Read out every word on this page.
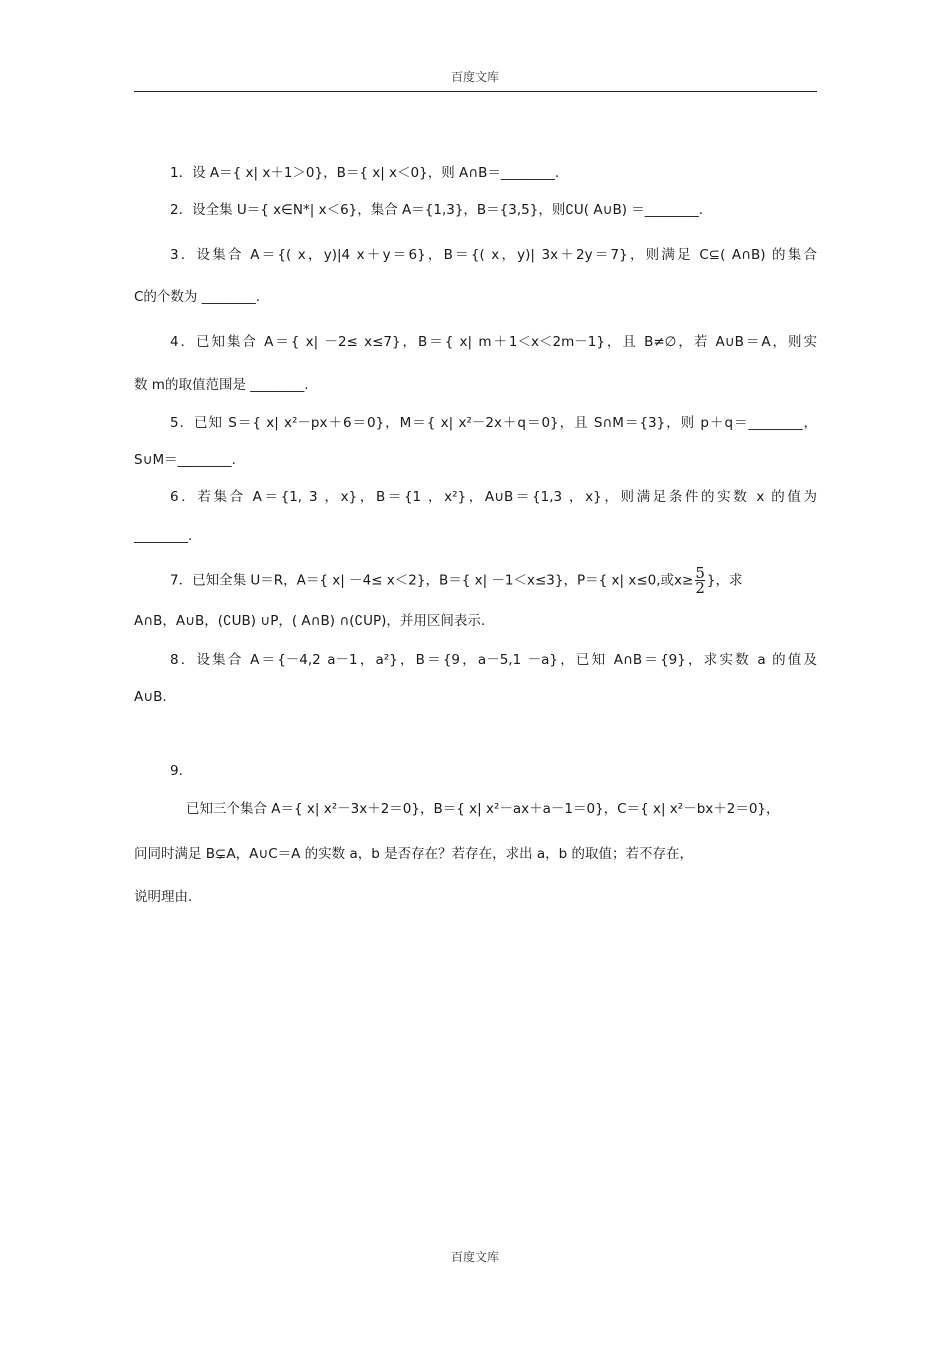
百度文库
1．设 A＝{ x| x＋1＞0}，B＝{ x| x＜0}，则 A∩B＝________.
2．设全集 U＝{ x∈N*| x＜6}，集合 A＝{1,3}，B＝{3,5}，则∁U( A∪B) ＝________.
3．设集合 A＝{( x，y)|4 x＋y＝6}，B＝{( x，y)| 3x＋2y＝7}，则满足 C⊆( A∩B) 的集合
C的个数为 ________.
4．已知集合 A＝{ x| －2≤ x≤7}，B＝{ x| m＋1＜x＜2m－1}，且 B≠∅，若 A∪B＝A，则实
数 m的取值范围是 ________.
5．已知 S＝{ x| x²－px＋6＝0}，M＝{ x| x²－2x＋q＝0}，且 S∩M＝{3}，则 p＋q＝________，
S∪M＝________.
6．若集合 A＝{1, 3 ，x}，B＝{1 ，x²}，A∪B＝{1,3 ，x}，则满足条件的实数 x 的值为
________.
7．已知全集 U＝R，A＝{ x| －4≤ x＜2}，B＝{ x| －1＜x≤3}，P＝{ x| x≤0,或$x\ge \frac{5}{2}$ }，求
A∩B，A∪B，(∁UB) ∪P，( A∩B) ∩(∁UP)，并用区间表示.
8．设集合 A＝{－4,2 a－1，a²}，B＝{9，a－5,1 －a}，已知 A∩B＝{9}，求实数 a 的值及
A∪B.
9.
已知三个集合 A＝{ x| x²－3x＋2＝0}，B＝{ x| x²－ax＋a－1＝0}，C＝{ x| x²－bx＋2＝0}，
问同时满足 B⊊A，A∪C＝A 的实数 a，b 是否存在？若存在，求出 a，b 的取值；若不存在，
说明理由.
百度文库
